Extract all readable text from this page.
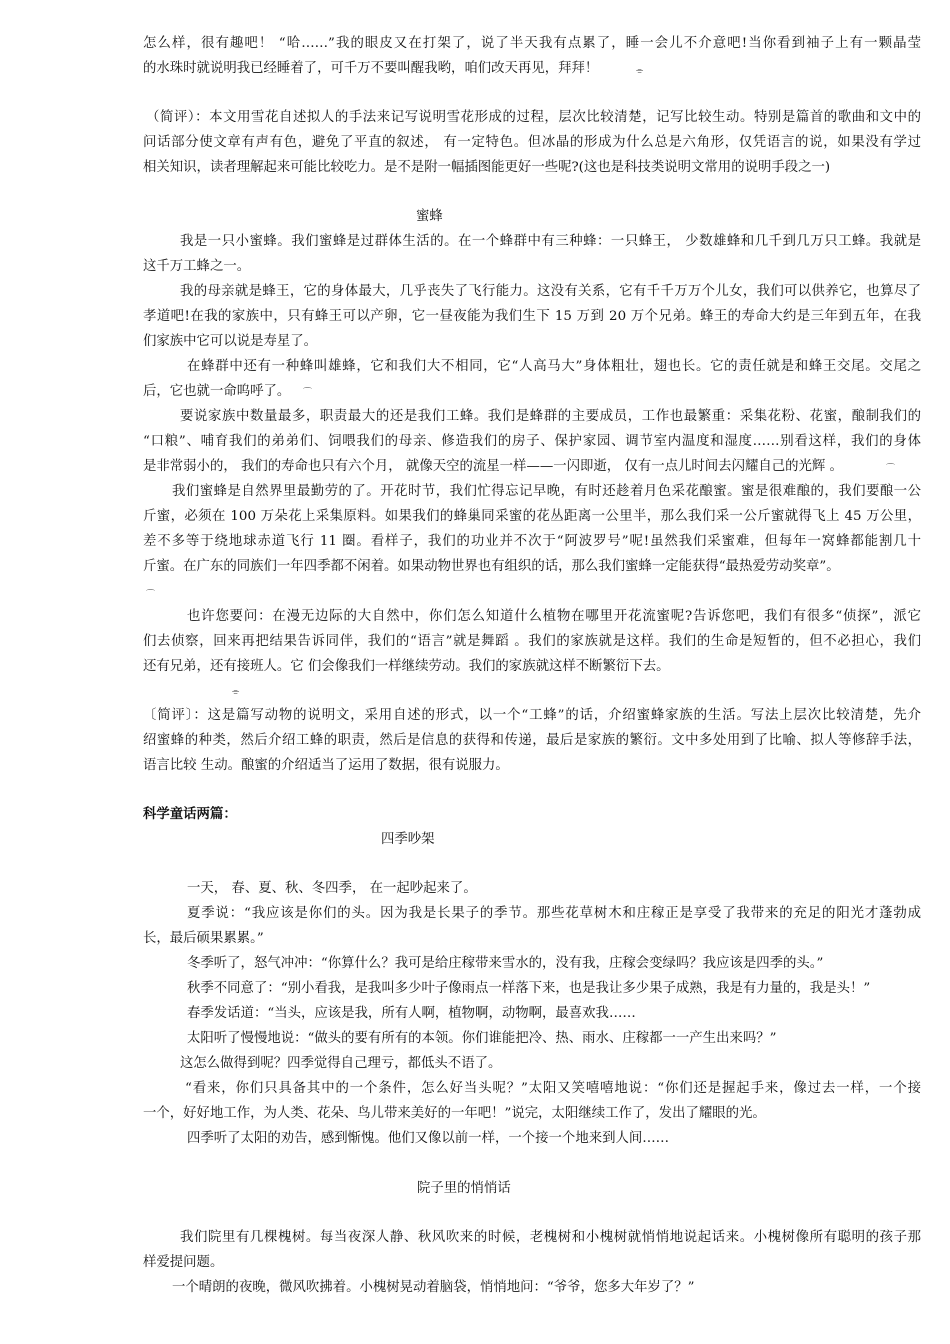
怎么样，很有趣吧！ “哈……”我的眼皮又在打架了，说了半天我有点累了，睡一会儿不介意吧!当你看到袖子上有一颗晶莹
的水珠时就说明我已经睡着了，可千万不要叫醒我哟，咱们改天再见，拜拜！	⌯
（简评）：本文用雪花自述拟人的手法来记写说明雪花形成的过程，层次比较清楚，记写比较生动。特别是篇首的歌曲和文中的
问话部分使文章有声有色，避免了平直的叙述， 有一定特色。但冰晶的形成为什么总是六角形，仅凭语言的说，如果没有学过
相关知识，读者理解起来可能比较吃力。是不是附一幅插图能更好一些呢?(这也是科技类说明文常用的说明手段之一)
蜜蜂
我是一只小蜜蜂。我们蜜蜂是过群体生活的。在一个蜂群中有三种蜂：一只蜂王， 少数雄蜂和几千到几万只工蜂。我就是
这千万工蜂之一。
我的母亲就是蜂王，它的身体最大，几乎丧失了飞行能力。这没有关系，它有千千万万个儿女，我们可以供养它，也算尽了
孝道吧!在我的家族中，只有蜂王可以产卵，它一昼夜能为我们生下 15 万到 20 万个兄弟。蜂王的寿命大约是三年到五年，在我
们家族中它可以说是寿星了。
在蜂群中还有一种蜂叫雄蜂，它和我们大不相同，它“人高马大”身体粗壮，翅也长。它的责任就是和蜂王交尾。交尾之
后，它也就一命呜呼了。 ⌒
要说家族中数量最多，职责最大的还是我们工蜂。我们是蜂群的主要成员，工作也最繁重：采集花粉、花蜜，酿制我们的
“口粮”、哺育我们的弟弟们、饲喂我们的母亲、修造我们的房子、保护家园、调节室内温度和湿度……别看这样，我们的身体
是非常弱小的， 我们的寿命也只有六个月， 就像天空的流星一样——一闪即逝， 仅有一点儿时间去闪耀自己的光辉 。	⌒
我们蜜蜂是自然界里最勤劳的了。开花时节，我们忙得忘记早晚，有时还趁着月色采花酿蜜。蜜是很难酿的，我们要酿一公
斤蜜，必须在 100 万朵花上采集原料。如果我们的蜂巢同采蜜的花丛距离一公里半，那么我们采一公斤蜜就得飞上 45 万公里，
差不多等于绕地球赤道飞行 11 圈。看样子，我们的功业并不次于“阿波罗号”呢!虽然我们采蜜难，但每年一窝蜂都能割几十
斤蜜。在广东的同族们一年四季都不闲着。如果动物世界也有组织的话，那么我们蜜蜂一定能获得“最热爱劳动奖章”。
⌒
也许您要问：在漫无边际的大自然中，你们怎么知道什么植物在哪里开花流蜜呢?告诉您吧，我们有很多“侦探”，派它
们去侦察，回来再把结果告诉同伴，我们的“语言”就是舞蹈 。我们的家族就是这样。我们的生命是短暂的，但不必担心，我们
还有兄弟，还有接班人。它 们会像我们一样继续劳动。我们的家族就这样不断繁衍下去。
⌯
〔简评〕：这是篇写动物的说明文，采用自述的形式，以一个“工蜂”的话，介绍蜜蜂家族的生活。写法上层次比较清楚，先介
绍蜜蜂的种类，然后介绍工蜂的职责，然后是信息的获得和传递，最后是家族的繁衍。文中多处用到了比喻、拟人等修辞手法，
语言比较 生动。酿蜜的介绍适当了运用了数据，很有说服力。
科学童话两篇：
四季吵架
一天， 春、夏、秋、冬四季， 在一起吵起来了。
夏季说：“我应该是你们的头。因为我是长果子的季节。那些花草树木和庄稼正是享受了我带来的充足的阳光才蓬勃成
长，最后硕果累累。”
冬季听了，怒气冲冲：“你算什么？我可是给庄稼带来雪水的，没有我，庄稼会变绿吗？我应该是四季的头。”
秋季不同意了：“别小看我，是我叫多少叶子像雨点一样落下来，也是我让多少果子成熟，我是有力量的，我是头！”
春季发话道：“当头，应该是我，所有人啊，植物啊，动物啊，最喜欢我……
太阳听了慢慢地说：“做头的要有所有的本领。你们谁能把冷、热、雨水、庄稼都一一产生出来吗？”
这怎么做得到呢？四季觉得自己理亏，都低头不语了。
“看来，你们只具备其中的一个条件，怎么好当头呢？”太阳又笑嘻嘻地说：“你们还是握起手来，像过去一样，一个接
一个，好好地工作，为人类、花朵、鸟儿带来美好的一年吧！”说完，太阳继续工作了，发出了耀眼的光。
四季听了太阳的劝告，感到惭愧。他们又像以前一样，一个接一个地来到人间……
院子里的悄悄话
我们院里有几棵槐树。每当夜深人静、秋风吹来的时候，老槐树和小槐树就悄悄地说起话来。小槐树像所有聪明的孩子那
样爱提问题。
一个晴朗的夜晚，微风吹拂着。小槐树晃动着脑袋，悄悄地问：“爷爷，您多大年岁了？”
